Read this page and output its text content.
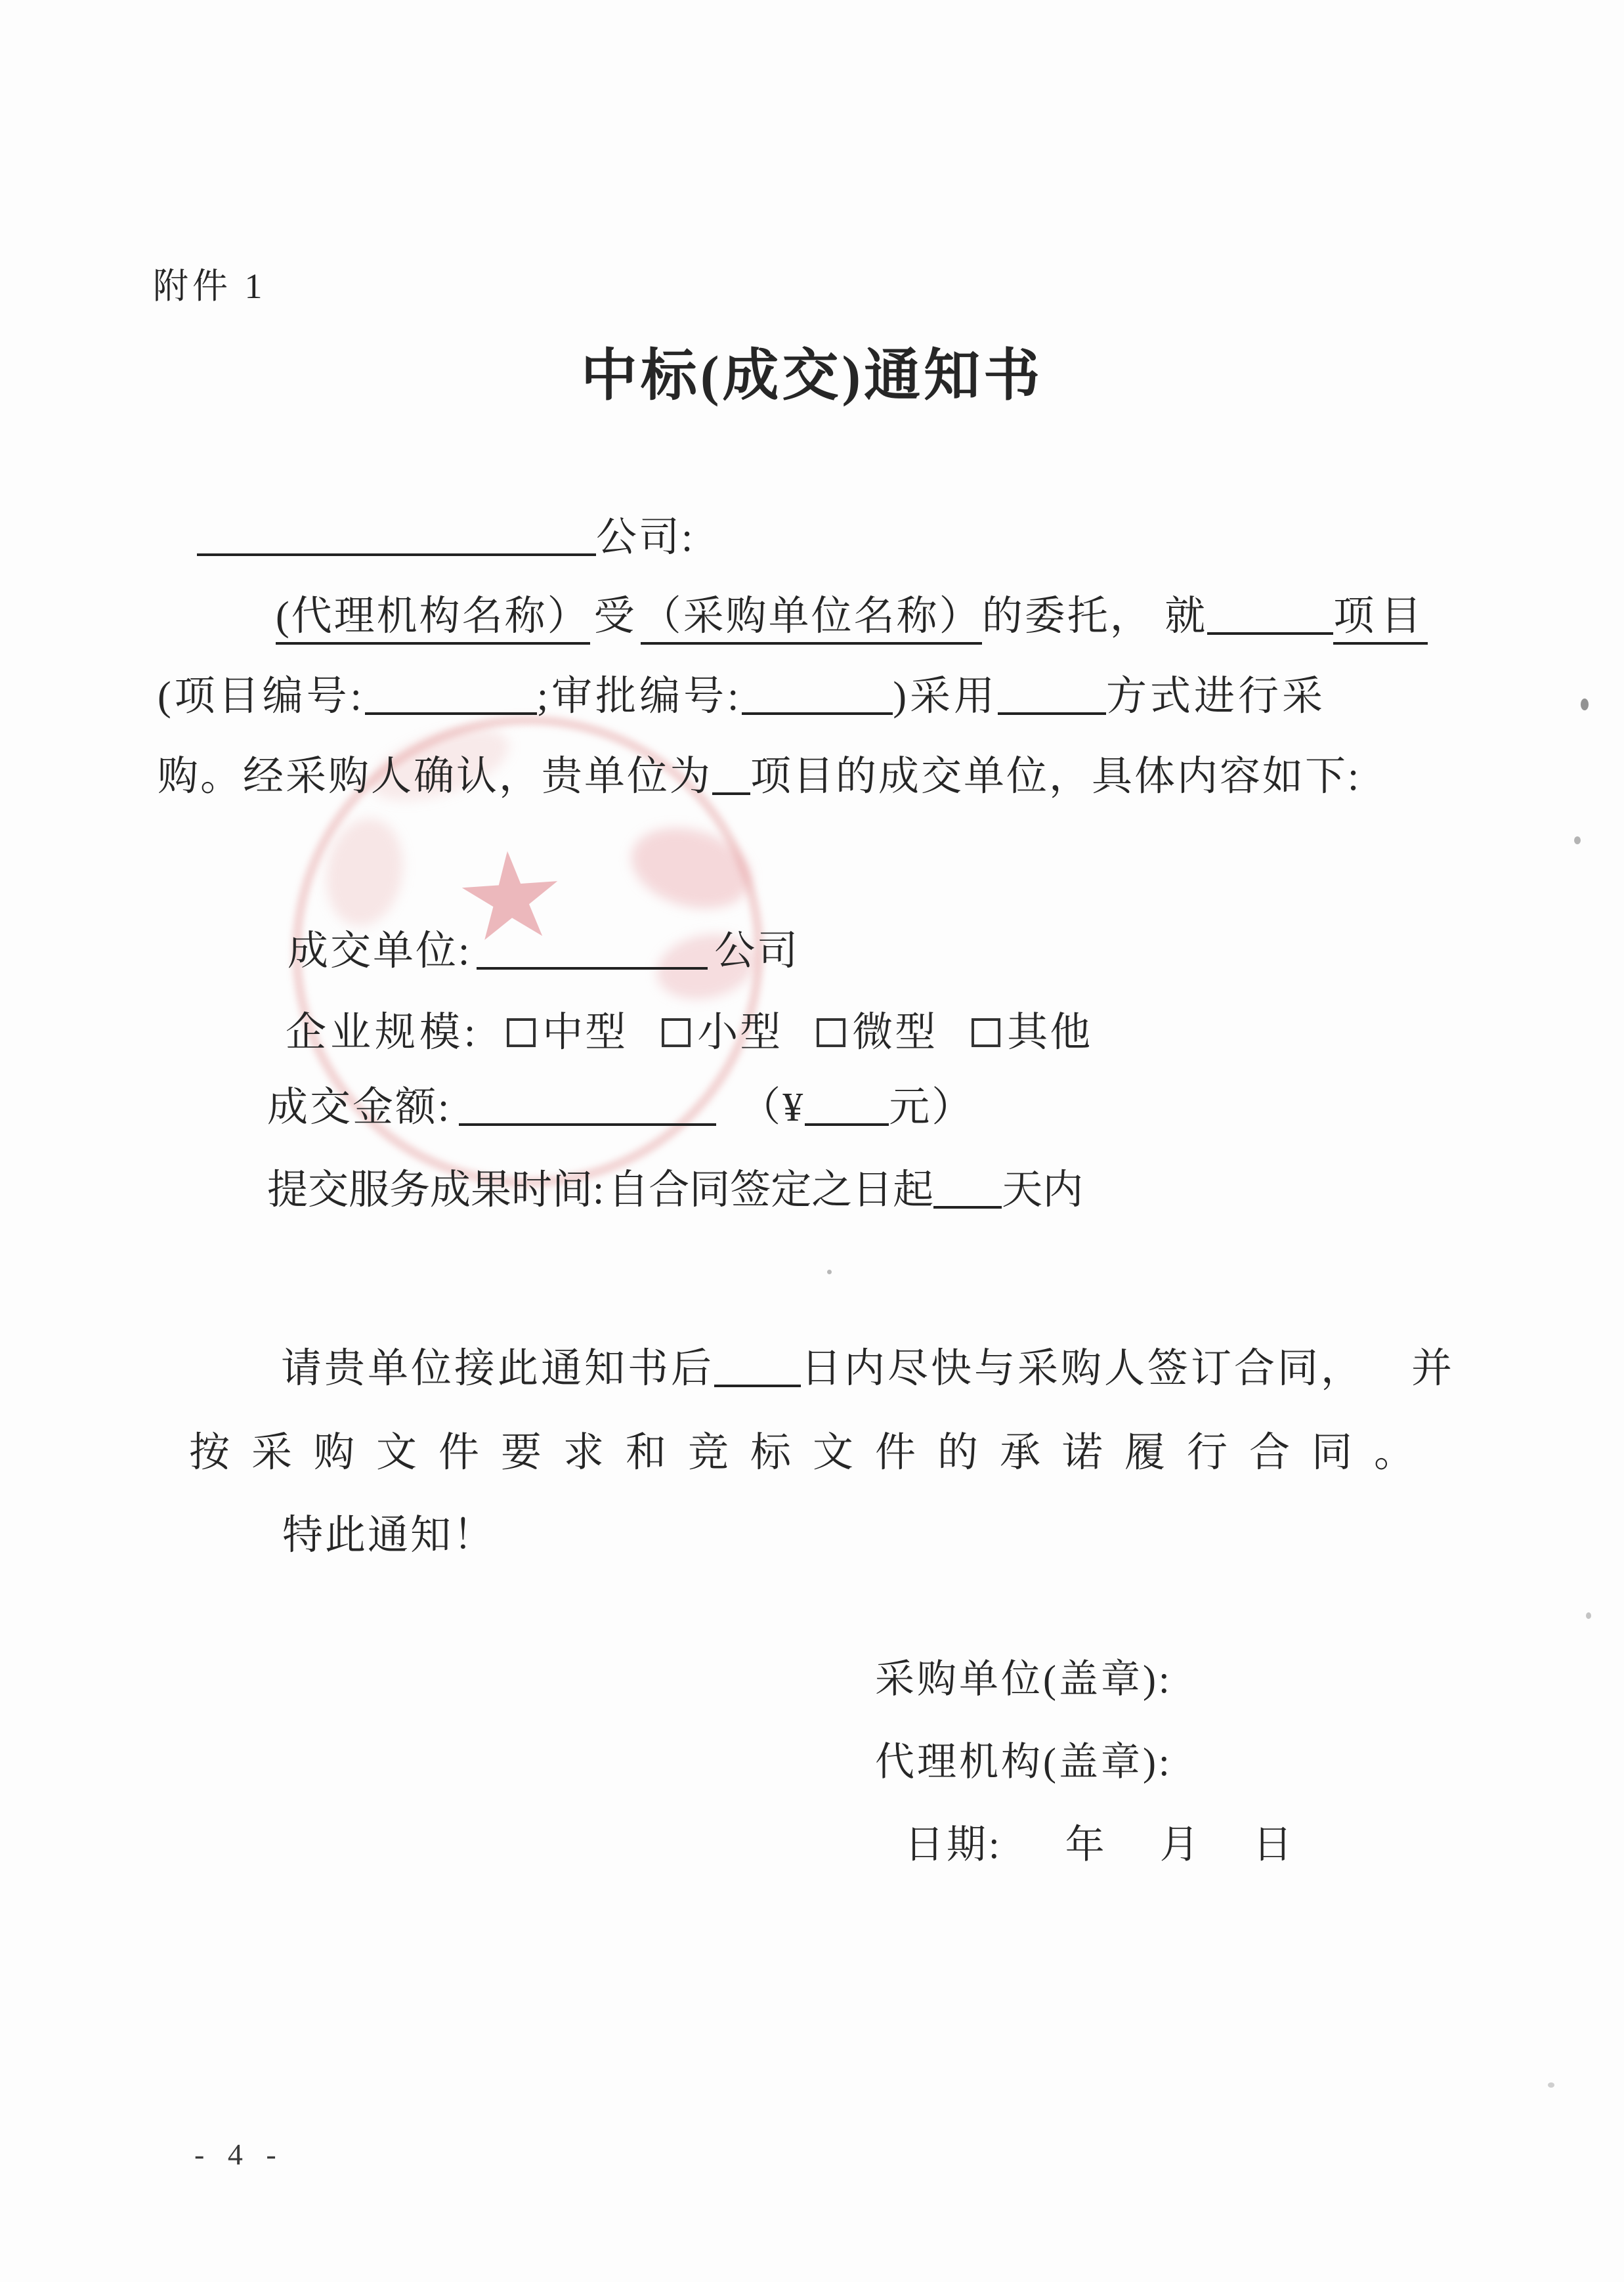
附件 1
中标(成交)通知书
公司:
(代理机构名称）受（采购单位名称）的委托， 就	项目
(项目编号:	;审批编号:	)采用	方式进行采
购。经采购人确认，贵单位为 项目的成交单位，具体内容如下:
成交单位:	公司
企业规模: 中型 小型 微型 其他
成交金额:	（¥ 元）
提交服务成果时间:自合同签定之日起 天内
请贵单位接此通知书后 日内尽快与采购人签订合同， 并
按采购文件要求和竞标文件的承诺履行合同。
特此通知！
采购单位(盖章):
代理机构(盖章):
日期: 年 月 日
- 4 -
